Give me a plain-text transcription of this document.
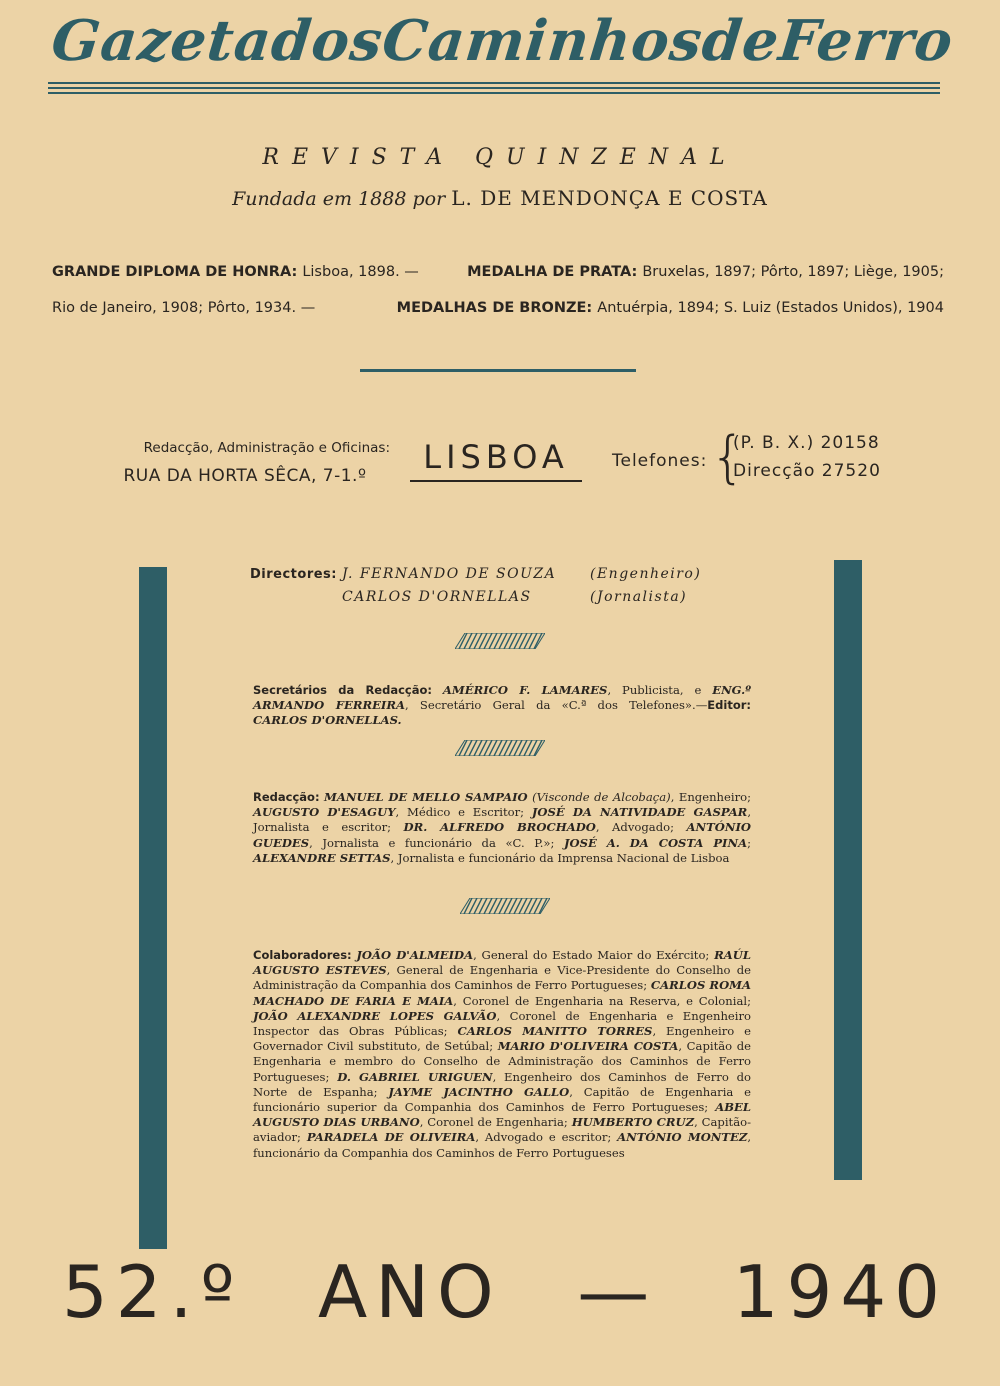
Gazeta
dos
Caminhos
de
Ferro
REVISTA QUINZENAL
Fundada em 1888 por L. DE MENDONÇA E COSTA
GRANDE DIPLOMA DE HONRA: Lisboa, 1898. —	MEDALHA DE PRATA: Bruxelas, 1897; Pôrto, 1897; Liège, 1905;
Rio de Janeiro, 1908; Pôrto, 1934. —	MEDALHAS DE BRONZE: Antuérpia, 1894; S. Luiz (Estados Unidos), 1904
Redacção, Administração e Oficinas:
RUA DA HORTA SÊCA, 7-1.º	LISBOA	Telefones: {
(P. B. X.) 20158
Direcção 27520
Directores: J. FERNANDO DE SOUZA	(Engenheiro)
CARLOS D'ORNELLAS	(Jornalista)
Secretários da Redacção: AMÉRICO F. LAMARES, Publicista, e ENG.º ARMANDO FERREIRA, Secretário Geral da «C.ª dos Telefones».—Editor: CARLOS D'ORNELLAS.
Redacção: MANUEL DE MELLO SAMPAIO (Visconde de Alcobaça), Engenheiro; AUGUSTO D'ESAGUY, Médico e Escritor; JOSÉ DA NATIVIDADE GASPAR, Jornalista e escritor; DR. ALFREDO BROCHADO, Advogado; ANTÓNIO GUEDES, Jornalista e funcionário da «C. P.»; JOSÉ A. DA COSTA PINA; ALEXANDRE SETTAS, Jornalista e funcionário da Imprensa Nacional de Lisboa
Colaboradores: JOÃO D'ALMEIDA, General do Estado Maior do Exército; RAÚL AUGUSTO ESTEVES, General de Engenharia e Vice-Presidente do Conselho de Administração da Companhia dos Caminhos de Ferro Portugueses; CARLOS ROMA MACHADO DE FARIA E MAIA, Coronel de Engenharia na Reserva, e Colonial; JOÃO ALEXANDRE LOPES GALVÃO, Coronel de Engenharia e Engenheiro Inspector das Obras Públicas; CARLOS MANITTO TORRES, Engenheiro e Governador Civil substituto, de Setúbal; MARIO D'OLIVEIRA COSTA, Capitão de Engenharia e membro do Conselho de Administração dos Caminhos de Ferro Portugueses; D. GABRIEL URIGUEN, Engenheiro dos Caminhos de Ferro do Norte de Espanha; JAYME JACINTHO GALLO, Capitão de Engenharia e funcionário superior da Companhia dos Caminhos de Ferro Portugueses; ABEL AUGUSTO DIAS URBANO, Coronel de Engenharia; HUMBERTO CRUZ, Capitão-aviador; PARADELA DE OLIVEIRA, Advogado e escritor; ANTÓNIO MONTEZ, funcionário da Companhia dos Caminhos de Ferro Portugueses
52.º ANO — 1940
